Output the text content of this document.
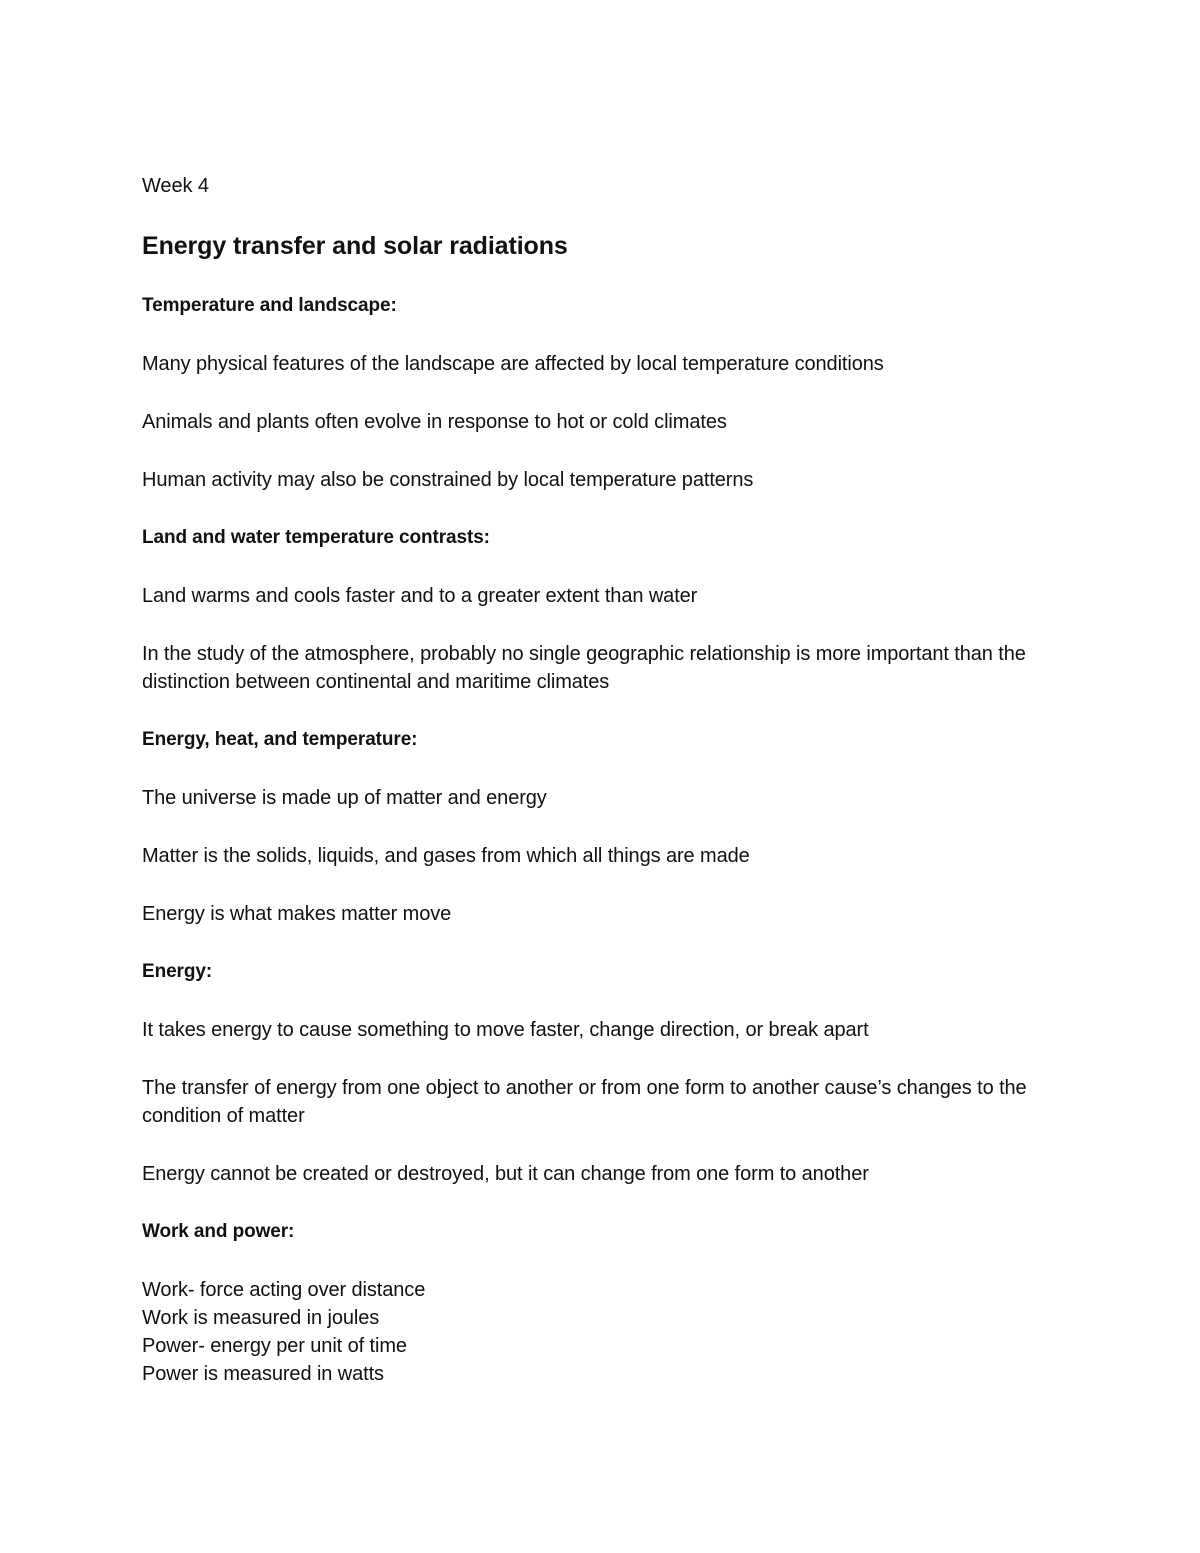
Week 4

Energy transfer and solar radiations

Temperature and landscape:

Many physical features of the landscape are affected by local temperature conditions

Animals and plants often evolve in response to hot or cold climates

Human activity may also be constrained by local temperature patterns

Land and water temperature contrasts:

Land warms and cools faster and to a greater extent than water

In the study of the atmosphere, probably no single geographic relationship is more important than the distinction between continental and maritime climates

Energy, heat, and temperature:

The universe is made up of matter and energy

Matter is the solids, liquids, and gases from which all things are made

Energy is what makes matter move

Energy:

It takes energy to cause something to move faster, change direction, or break apart

The transfer of energy from one object to another or from one form to another cause’s changes to the condition of matter

Energy cannot be created or destroyed, but it can change from one form to another

Work and power:

Work- force acting over distance

Work is measured in joules

Power- energy per unit of time

Power is measured in watts
